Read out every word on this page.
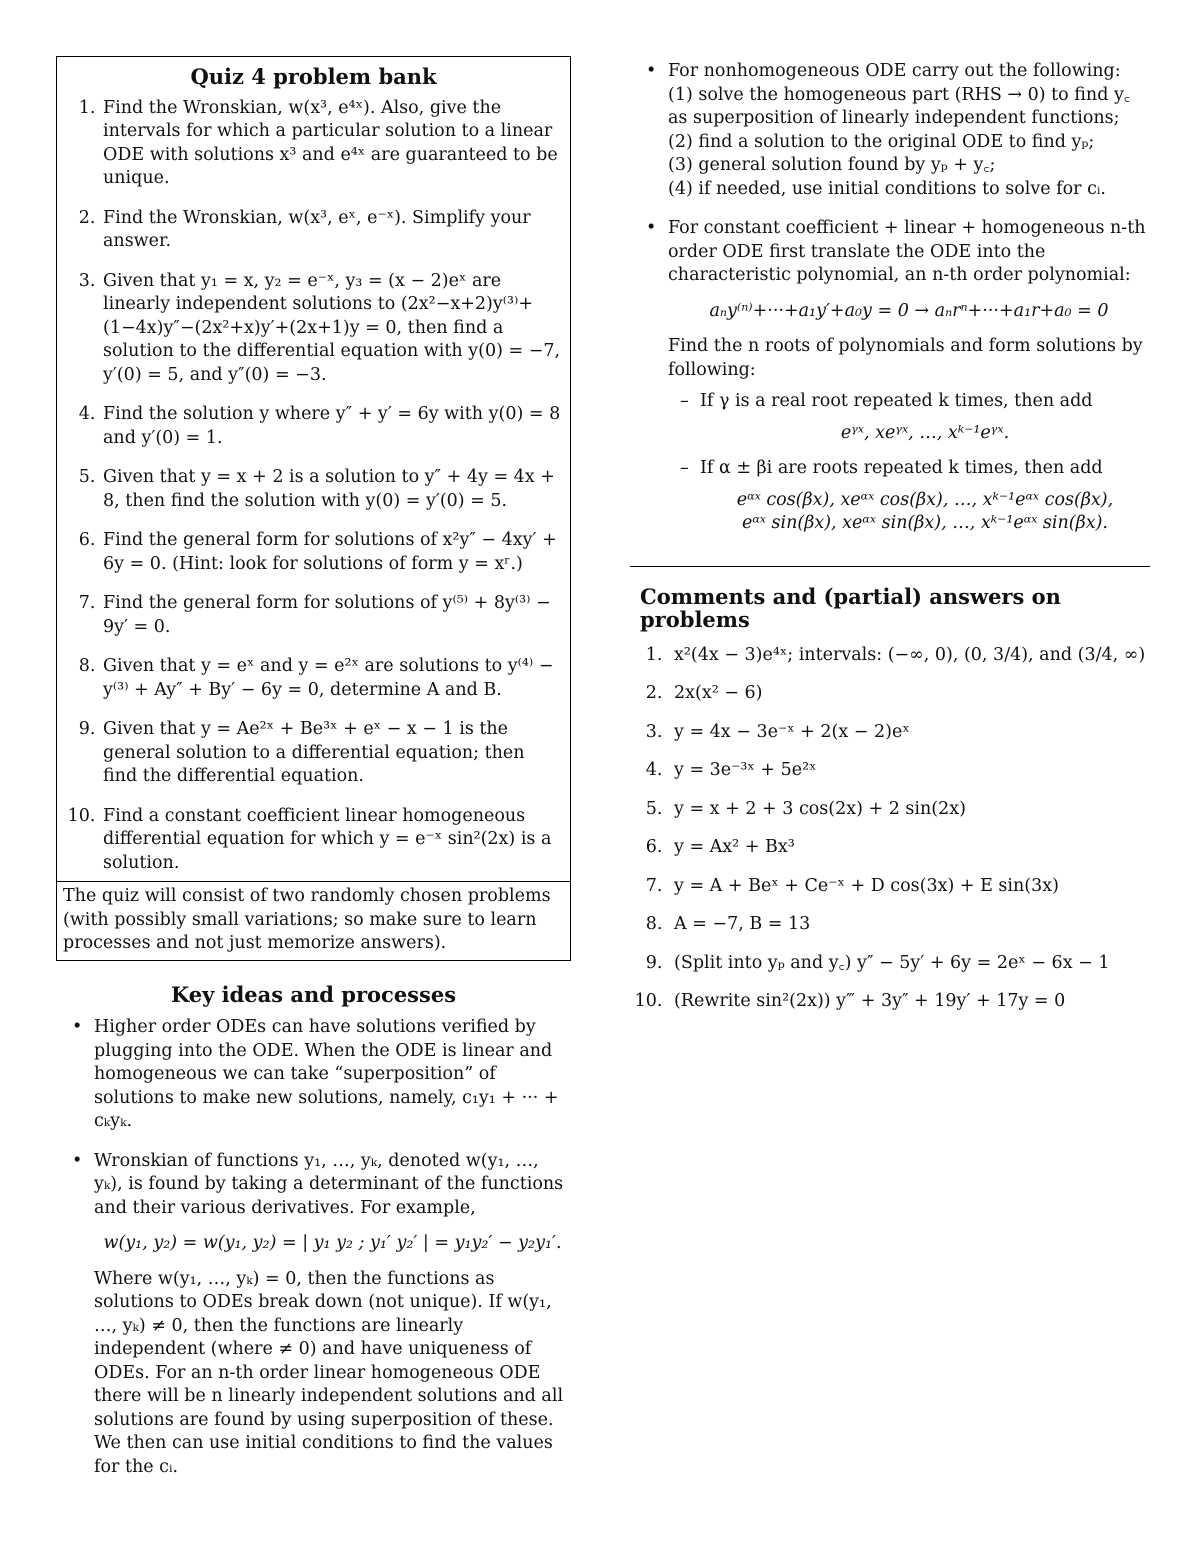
Quiz 4 problem bank
1. Find the Wronskian, w(x³, e⁴ˣ). Also, give the intervals for which a particular solution to a linear ODE with solutions x³ and e⁴ˣ are guaranteed to be unique.
2. Find the Wronskian, w(x³, eˣ, e⁻ˣ). Simplify your answer.
3. Given that y₁ = x, y₂ = e⁻ˣ, y₃ = (x − 2)eˣ are linearly independent solutions to (2x²−x+2)y⁽³⁾+(1−4x)y″−(2x²+x)y′+(2x+1)y = 0, then find a solution to the differential equation with y(0) = −7, y′(0) = 5, and y″(0) = −3.
4. Find the solution y where y″ + y′ = 6y with y(0) = 8 and y′(0) = 1.
5. Given that y = x + 2 is a solution to y″ + 4y = 4x + 8, then find the solution with y(0) = y′(0) = 5.
6. Find the general form for solutions of x²y″ − 4xy′ + 6y = 0. (Hint: look for solutions of form y = xʳ.)
7. Find the general form for solutions of y⁽⁵⁾ + 8y⁽³⁾ − 9y′ = 0.
8. Given that y = eˣ and y = e²ˣ are solutions to y⁽⁴⁾ − y⁽³⁾ + Ay″ + By′ − 6y = 0, determine A and B.
9. Given that y = Ae²ˣ + Be³ˣ + eˣ − x − 1 is the general solution to a differential equation; then find the differential equation.
10. Find a constant coefficient linear homogeneous differential equation for which y = e⁻ˣ sin²(2x) is a solution.
The quiz will consist of two randomly chosen problems (with possibly small variations; so make sure to learn processes and not just memorize answers).
Key ideas and processes
• Higher order ODEs can have solutions verified by plugging into the ODE. When the ODE is linear and homogeneous we can take “superposition” of solutions to make new solutions, namely, c₁y₁ + ··· + cₖyₖ.
• Wronskian of functions y₁, …, yₖ, denoted w(y₁, …, yₖ), is found by taking a determinant of the functions and their various derivatives. For example,
w(y₁, y₂) = w(y₁, y₂) = | y₁ y₂ ; y₁′ y₂′ | = y₁y₂′ − y₂y₁′.
Where w(y₁, …, yₖ) = 0, then the functions as solutions to ODEs break down (not unique). If w(y₁, …, yₖ) ≠ 0, then the functions are linearly independent (where ≠ 0) and have uniqueness of ODEs. For an n-th order linear homogeneous ODE there will be n linearly independent solutions and all solutions are found by using superposition of these. We then can use initial conditions to find the values for the cᵢ.
• For nonhomogeneous ODE carry out the following:
(1) solve the homogeneous part (RHS → 0) to find y꜀ as superposition of linearly independent functions;
(2) find a solution to the original ODE to find yₚ;
(3) general solution found by yₚ + y꜀;
(4) if needed, use initial conditions to solve for cᵢ.
• For constant coefficient + linear + homogeneous n-th order ODE first translate the ODE into the characteristic polynomial, an n-th order polynomial:
aₙy⁽ⁿ⁾+···+a₁y′+a₀y = 0 → aₙrⁿ+···+a₁r+a₀ = 0
Find the n roots of polynomials and form solutions by following:
– If γ is a real root repeated k times, then add
eᵞˣ, xeᵞˣ, …, xᵏ⁻¹eᵞˣ.
– If α ± βi are roots repeated k times, then add
eᵅˣ cos(βx), xeᵅˣ cos(βx), …, xᵏ⁻¹eᵅˣ cos(βx),
eᵅˣ sin(βx), xeᵅˣ sin(βx), …, xᵏ⁻¹eᵅˣ sin(βx).
Comments and (partial) answers on problems
1. x²(4x − 3)e⁴ˣ; intervals: (−∞, 0), (0, 3/4), and (3/4, ∞)
2. 2x(x² − 6)
3. y = 4x − 3e⁻ˣ + 2(x − 2)eˣ
4. y = 3e⁻³ˣ + 5e²ˣ
5. y = x + 2 + 3 cos(2x) + 2 sin(2x)
6. y = Ax² + Bx³
7. y = A + Beˣ + Ce⁻ˣ + D cos(3x) + E sin(3x)
8. A = −7, B = 13
9. (Split into yₚ and y꜀) y″ − 5y′ + 6y = 2eˣ − 6x − 1
10. (Rewrite sin²(2x)) y‴ + 3y″ + 19y′ + 17y = 0
